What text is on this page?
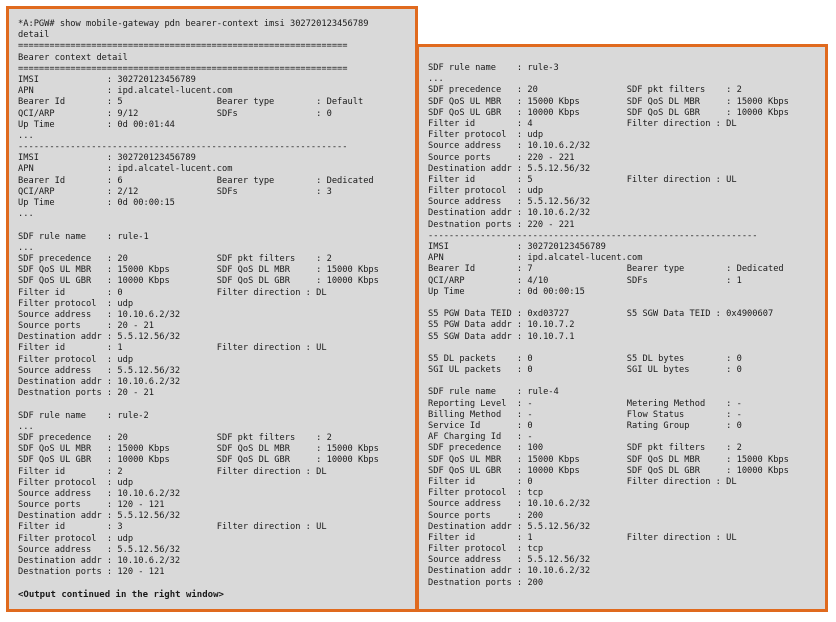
*A:PGW# show mobile-gateway pdn bearer-context imsi 302720123456789
detail
===============================================================
Bearer context detail
===============================================================
IMSI             : 302720123456789
APN              : ipd.alcatel-lucent.com
Bearer Id        : 5                  Bearer type        : Default
QCI/ARP          : 9/12               SDFs               : 0
Up Time          : 0d 00:01:44
...
---------------------------------------------------------------
IMSI             : 302720123456789
APN              : ipd.alcatel-lucent.com
Bearer Id        : 6                  Bearer type        : Dedicated
QCI/ARP          : 2/12               SDFs               : 3
Up Time          : 0d 00:00:15
...

SDF rule name    : rule-1
...
SDF precedence   : 20                 SDF pkt filters    : 2
SDF QoS UL MBR   : 15000 Kbps         SDF QoS DL MBR     : 15000 Kbps
SDF QoS UL GBR   : 10000 Kbps         SDF QoS DL GBR     : 10000 Kbps
Filter id        : 0                  Filter direction : DL
Filter protocol  : udp
Source address   : 10.10.6.2/32
Source ports     : 20 - 21
Destination addr : 5.5.12.56/32
Filter id        : 1                  Filter direction : UL
Filter protocol  : udp
Source address   : 5.5.12.56/32
Destination addr : 10.10.6.2/32
Destnation ports : 20 - 21

SDF rule name    : rule-2
...
SDF precedence   : 20                 SDF pkt filters    : 2
SDF QoS UL MBR   : 15000 Kbps         SDF QoS DL MBR     : 15000 Kbps
SDF QoS UL GBR   : 10000 Kbps         SDF QoS DL GBR     : 10000 Kbps
Filter id        : 2                  Filter direction : DL
Filter protocol  : udp
Source address   : 10.10.6.2/32
Source ports     : 120 - 121
Destination addr : 5.5.12.56/32
Filter id        : 3                  Filter direction : UL
Filter protocol  : udp
Source address   : 5.5.12.56/32
Destination addr : 10.10.6.2/32
Destnation ports : 120 - 121

<Output continued in the right window>
SDF rule name    : rule-3
...
SDF precedence   : 20                 SDF pkt filters    : 2
SDF QoS UL MBR   : 15000 Kbps         SDF QoS DL MBR     : 15000 Kbps
SDF QoS UL GBR   : 10000 Kbps         SDF QoS DL GBR     : 10000 Kbps
Filter id        : 4                  Filter direction : DL
Filter protocol  : udp
Source address   : 10.10.6.2/32
Source ports     : 220 - 221
Destination addr : 5.5.12.56/32
Filter id        : 5                  Filter direction : UL
Filter protocol  : udp
Source address   : 5.5.12.56/32
Destination addr : 10.10.6.2/32
Destnation ports : 220 - 221
---------------------------------------------------------------
IMSI             : 302720123456789
APN              : ipd.alcatel-lucent.com
Bearer Id        : 7                  Bearer type        : Dedicated
QCI/ARP          : 4/10               SDFs               : 1
Up Time          : 0d 00:00:15

S5 PGW Data TEID : 0xd03727           S5 SGW Data TEID : 0x4900607
S5 PGW Data addr : 10.10.7.2
S5 SGW Data addr : 10.10.7.1

S5 DL packets    : 0                  S5 DL bytes        : 0
SGI UL packets   : 0                  SGI UL bytes       : 0

SDF rule name    : rule-4
Reporting Level  : -                  Metering Method    : -
Billing Method   : -                  Flow Status        : -
Service Id       : 0                  Rating Group       : 0
AF Charging Id   : -
SDF precedence   : 100                SDF pkt filters    : 2
SDF QoS UL MBR   : 15000 Kbps         SDF QoS DL MBR     : 15000 Kbps
SDF QoS UL GBR   : 10000 Kbps         SDF QoS DL GBR     : 10000 Kbps
Filter id        : 0                  Filter direction : DL
Filter protocol  : tcp
Source address   : 10.10.6.2/32
Source ports     : 200
Destination addr : 5.5.12.56/32
Filter id        : 1                  Filter direction : UL
Filter protocol  : tcp
Source address   : 5.5.12.56/32
Destination addr : 10.10.6.2/32
Destnation ports : 200
